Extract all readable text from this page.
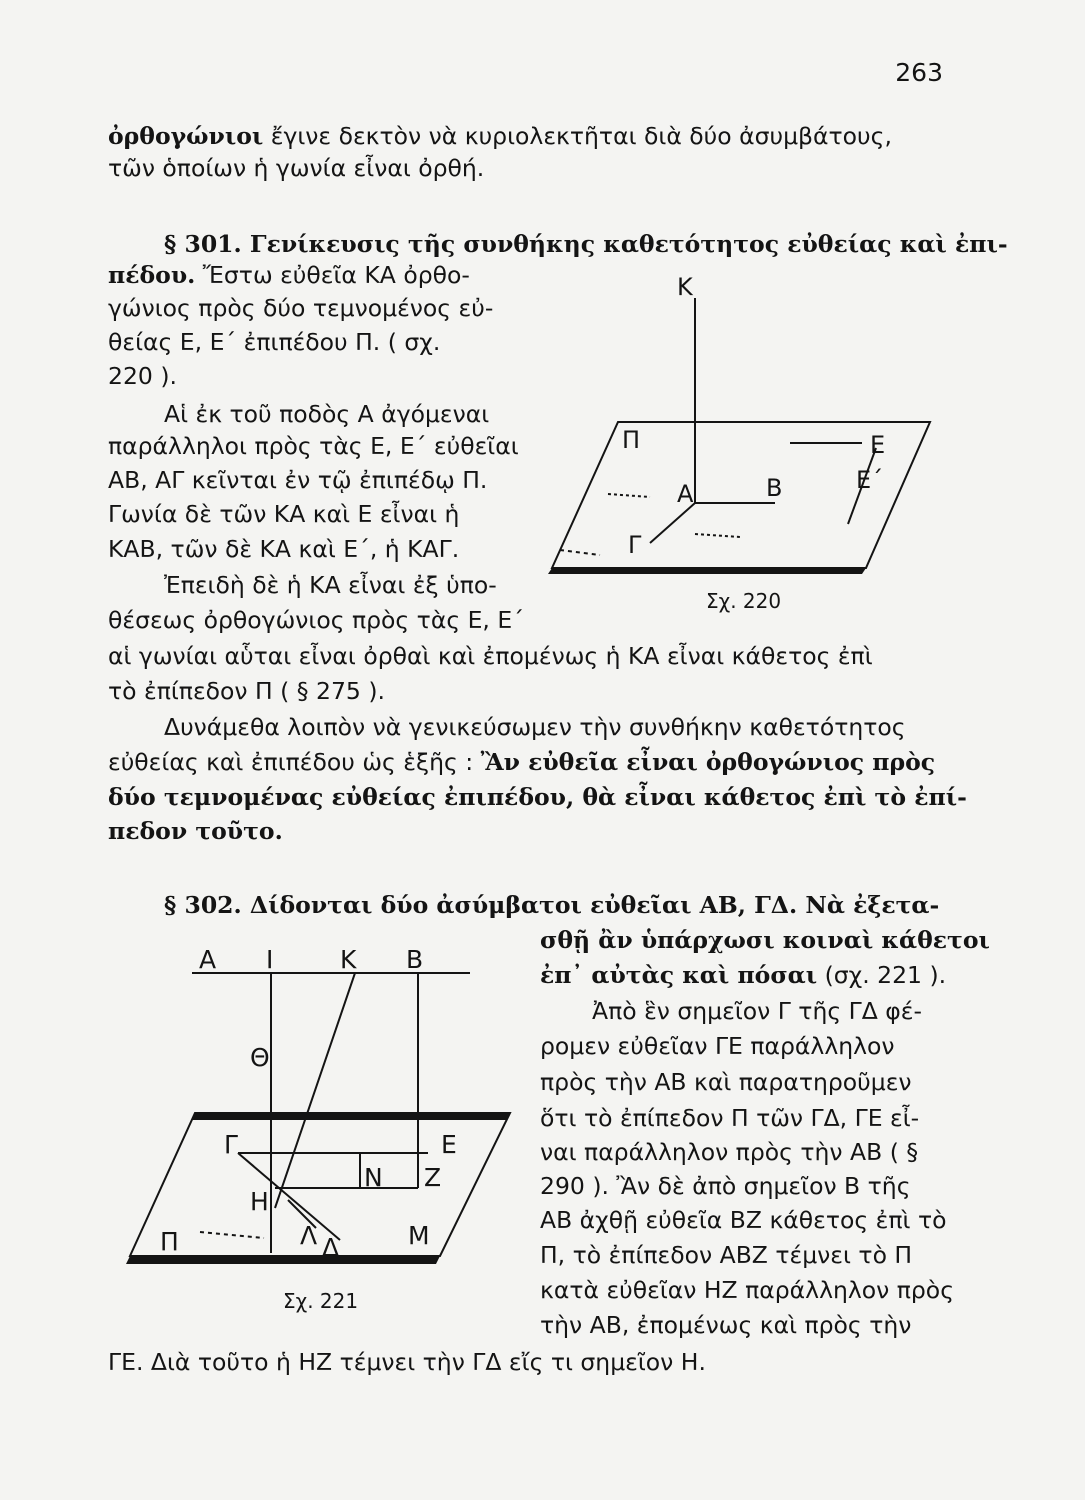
263
ὀρθογώνιοι ἔγινε δεκτὸν νὰ κυριολεκτῆται διὰ δύο ἀσυμβάτους,
τῶν ὁποίων ἡ γωνία εἶναι ὀρθή.
§ 301. Γενίκευσις τῆς συνθήκης καθετότητος εὐθείας καὶ ἐπι-
πέδου. Ἔστω εὐθεῖα ΚΑ ὀρθο-
γώνιος πρὸς δύο τεμνομένος εὐ-
θείας Ε, Ε΄ ἐπιπέδου Π. ( σχ.
220 ).
Αἱ ἐκ τοῦ ποδὸς Α ἀγόμεναι
παράλληλοι πρὸς τὰς Ε, Ε΄ εὐθεῖαι
ΑΒ, ΑΓ κεῖνται ἐν τῷ ἐπιπέδῳ Π.
Γωνία δὲ τῶν ΚΑ καὶ Ε εἶναι ἡ
ΚΑΒ, τῶν δὲ ΚΑ καὶ Ε΄, ἡ ΚΑΓ.
Ἐπειδὴ δὲ ἡ ΚΑ εἶναι ἐξ ὑπο-
θέσεως ὀρθογώνιος πρὸς τὰς Ε, Ε΄
αἱ γωνίαι αὗται εἶναι ὀρθαὶ καὶ ἐπομένως ἡ ΚΑ εἶναι κάθετος ἐπὶ
τὸ ἐπίπεδον Π ( § 275 ).
Δυνάμεθα λοιπὸν νὰ γενικεύσωμεν τὴν συνθήκην καθετότητος
εὐθείας καὶ ἐπιπέδου ὡς ἑξῆς : Ἂν εὐθεῖα εἶναι ὀρθογώνιος πρὸς
δύο τεμνομένας εὐθείας ἐπιπέδου, θὰ εἶναι κάθετος ἐπὶ τὸ ἐπί-
πεδον τοῦτο.
§ 302. Δίδονται δύο ἀσύμβατοι εὐθεῖαι ΑΒ, ΓΔ. Νὰ ἐξετα-
σθῇ ἂν ὑπάρχωσι κοιναὶ κάθετοι
ἐπ᾽ αὐτὰς καὶ πόσαι (σχ. 221 ).
Ἀπὸ ἓν σημεῖον Γ τῆς ΓΔ φέ-
ρομεν εὐθεῖαν ΓΕ παράλληλον
πρὸς τὴν ΑΒ καὶ παρατηροῦμεν
ὅτι τὸ ἐπίπεδον Π τῶν ΓΔ, ΓΕ εἶ-
ναι παράλληλον πρὸς τὴν ΑΒ ( §
290 ). Ἂν δὲ ἀπὸ σημεῖον Β τῆς
ΑΒ ἀχθῇ εὐθεῖα ΒΖ κάθετος ἐπὶ τὸ
Π, τὸ ἐπίπεδον ΑΒΖ τέμνει τὸ Π
κατὰ εὐθεῖαν ΗΖ παράλληλον πρὸς
τὴν ΑΒ, ἐπομένως καὶ πρὸς τὴν
ΓΕ. Διὰ τοῦτο ἡ ΗΖ τέμνει τὴν ΓΔ εἴς τι σημεῖον Η.
Κ
Π
Α	Β
Ε
Ε΄
Γ
Σχ. 220
Α Ι	Κ Β
Θ
Γ	Ε
Ν Ζ
Η
Λ Δ	Μ
Π
Σχ. 221
